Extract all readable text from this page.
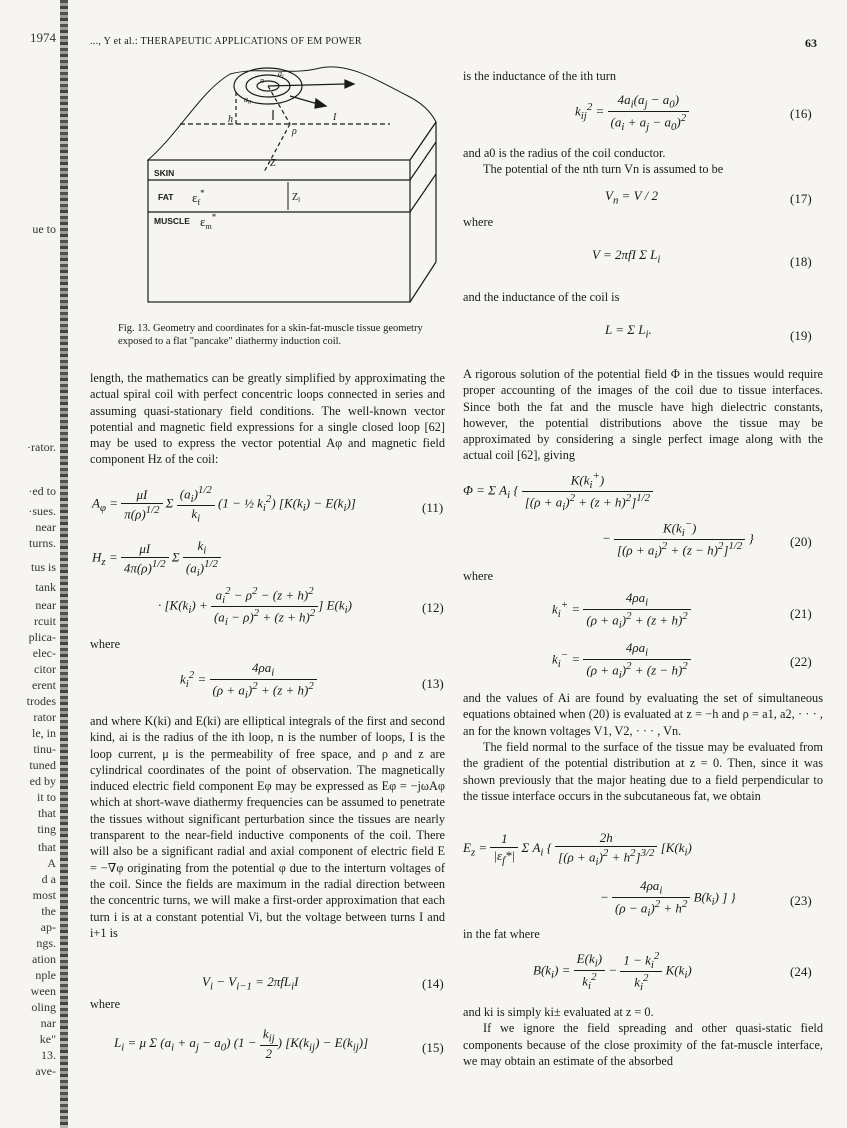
1974
ue to
·rator.
·ed to
·sues.
near
turns.
tus is
tank
near
rcuit
plica-
elec-
citor
erent
trodes
rator
le, in
tinu-
tuned
ed by
it to
that
ting
that
A
d a
most
the
ap-
ngs.
ation
nple
ween
oling
nar
ke"
13.
ave-
..., Y et al.: THERAPEUTIC APPLICATIONS OF EM POWER	63
n
$a_i$
$a_0$
h	I
ρ
Z
SKIN
FAT $\varepsilon_f^*$
MUSCLE $\varepsilon_m^*$
$Z_l$
Fig. 13. Geometry and coordinates for a skin-fat-muscle tissue geometry exposed to a flat "pancake" diathermy induction coil.

length, the mathematics can be greatly simplified by approximating the actual spiral coil with perfect concentric loops connected in series and assuming quasi-stationary field conditions. The well-known vector potential and magnetic field expressions for a single closed loop [62] may be used to express the vector potential Aφ and magnetic field component Hz of the coil:

$A_\varphi = \frac{\mu I}{\pi(\rho)^{1/2}}$ Σ $\frac{(a_i)^{1/2}}{k_i} (1$ − ½ $k_i^2$) $[K(k_i) - E(k_i)]$	(11)
$H_z = \frac{\mu I}{4\pi(\rho)^{1/2}}$ Σ $\frac{k_i}{(a_i)^{1/2}}$
· [$K(k_i) + \frac{a_i^2 - \rho^2 - (z + h)^2}{(a_i - \rho)^2 + (z + h)^2}$ ] $E(k_i)$	(12)

where

$k_i^2 = \frac{4\rho a_i}{(\rho + a_i)^2 + (z + h)^2}$	(13)

and where K(ki) and E(ki) are elliptical integrals of the first and second kind, ai is the radius of the ith loop, n is the number of loops, I is the loop current, μ is the permeability of free space, and ρ and z are cylindrical coordinates of the point of observation. The magnetically induced electric field component Eφ may be expressed as Eφ = −jωAφ which at short-wave diathermy frequencies can be assumed to penetrate the tissues without significant perturbation since the tissues are nearly transparent to the near-field inductive components of the coil. There will also be a significant radial and axial component of electric field E = −∇φ originating from the potential φ due to the interturn voltages of the coil. Since the fields are maximum in the radial direction between the concentric turns, we will make a first-order approximation that each turn i is at a constant potential Vi, but the voltage between turns I and i+1 is

$V_i - V_{i-1} = 2\pi fL_iI$	(14)

where

$L_i = \mu$ Σ $(a_i + a_j - a_0) (1 - \frac{k_{ij}}{2}$ ) $[K(k_{ij}) - E(k_{ij})]$	(15)

is the inductance of the ith turn

$k_{ij}^2 = \frac{4a_i(a_j - a_0)}{(a_i + a_j - a_0)^2}$	(16)

and a0 is the radius of the coil conductor.

The potential of the nth turn Vn is assumed to be

$V_n = V / 2$	(17)

where

V = 2πfI Σ $L_i$	(18)

and the inductance of the coil is

L = Σ $L_i$.	(19)

A rigorous solution of the potential field Φ in the tissues would require proper accounting of the images of the coil due to tissue interfaces. Since both the fat and the muscle have high dielectric constants, however, the potential distributions above the tissue may be approximated by considering a single perfect image along with the actual coil [62], giving

Φ = Σ $A_i$ { $\frac{K(k_i^+)}{[(\rho + a_i)^2 + (z + h)^2]^{1/2}}$
− $\frac{K(k_i^-)}{[(\rho + a_i)^2 + (z - h)^2]^{1/2}}$ }	(20)

where

$k_i^+ = \frac{4\rho a_i}{(\rho + a_i)^2 + (z + h)^2}$	(21)
$k_i^- = \frac{4\rho a_i}{(\rho + a_i)^2 + (z - h)^2}$	(22)

and the values of Ai are found by evaluating the set of simultaneous equations obtained when (20) is evaluated at z = −h and ρ = a1, a2, · · · , an for the known voltages V1, V2, · · · , Vn.

The field normal to the surface of the tissue may be evaluated from the gradient of the potential distribution at z = 0. Then, since it was shown previously that the major heating due to a field perpendicular to the tissue interface occurs in the subcutaneous fat, we obtain

$E_z = \frac{1}{|\varepsilon_f*|}$ Σ $A_i$ { $\frac{2h}{[(\rho + a_i)^2 + h^2]^{3/2}} [K(k_i)$
− $\frac{4\rho a_i}{(\rho - a_i)^2 + h^2} B(k_i)$ ] }	(23)

in the fat where

$B(k_i) = \frac{E(k_i)}{k_i^2} - \frac{1 - k_i^2}{k_i^2} K(k_i)$	(24)

and ki is simply ki± evaluated at z = 0.

If we ignore the field spreading and other quasi-static field components because of the close proximity of the fat-muscle interface, we may obtain an estimate of the absorbed
